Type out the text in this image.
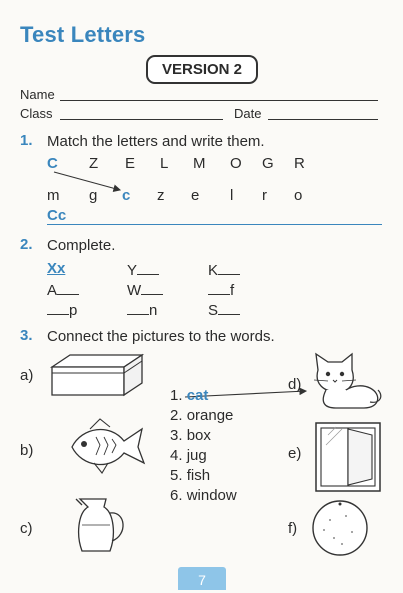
Test Letters
VERSION 2
Name
Class	Date
1. Match the letters and write them.
C Z E L M O G R
m g c z e l r o
Cc
2. Complete.
Xx	Y	K
A	W	f
p	n	S
3. Connect the pictures to the words.
a)
b)
c)
d)
e)
f)
1. cat
2. orange
3. box
4. jug
5. fish
6. window
7
